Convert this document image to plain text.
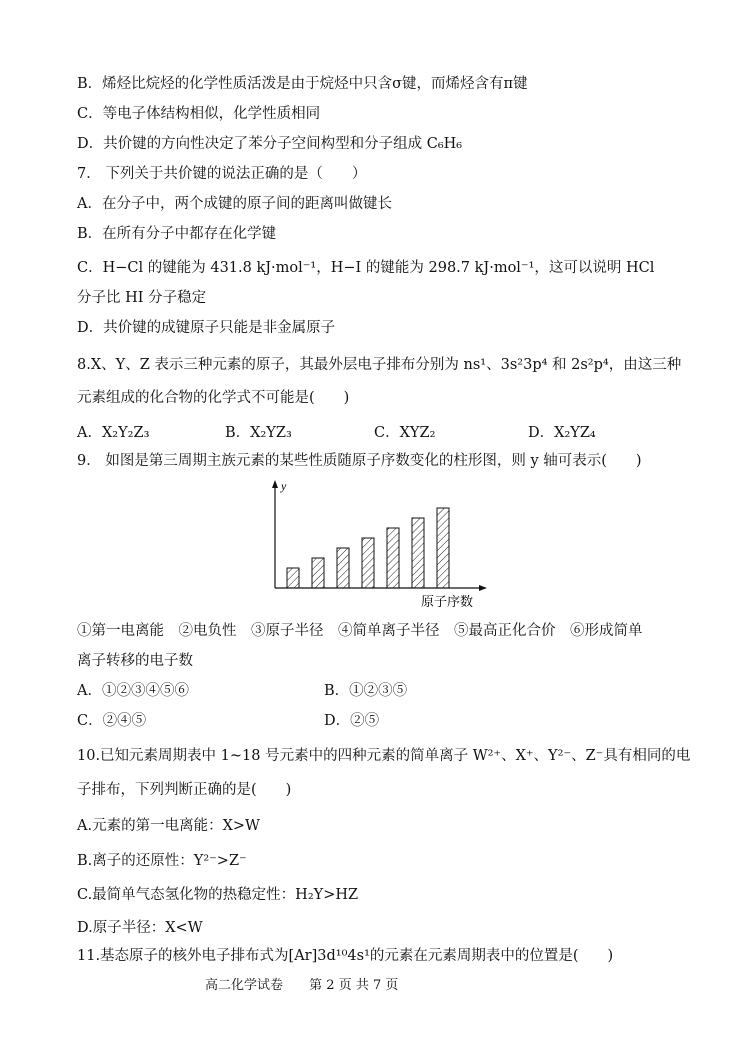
B．烯烃比烷烃的化学性质活泼是由于烷烃中只含σ键，而烯烃含有π键
C．等电子体结构相似，化学性质相同
D．共价键的方向性决定了苯分子空间构型和分子组成 C₆H₆
7． 下列关于共价键的说法正确的是（　　）
A．在分子中，两个成键的原子间的距离叫做键长
B．在所有分子中都存在化学键
C．H−Cl 的键能为 431.8 kJ·mol⁻¹，H−I 的键能为 298.7 kJ·mol⁻¹，这可以说明 HCl
分子比 HI 分子稳定
D．共价键的成键原子只能是非金属原子
8.X、Y、Z 表示三种元素的原子，其最外层电子排布分别为 ns¹、3s²3p⁴ 和 2s²p⁴，由这三种
元素组成的化合物的化学式不可能是(　　)
A．X₂Y₂Z₃	B．X₂YZ₃	C．XYZ₂	D．X₂YZ₄
9． 如图是第三周期主族元素的某些性质随原子序数变化的柱形图，则 y 轴可表示(　　)
y
原子序数
①第一电离能　②电负性　③原子半径　④简单离子半径　⑤最高正化合价　⑥形成简单
离子转移的电子数
A．①②③④⑤⑥	B．①②③⑤
C．②④⑤	D．②⑤
10.已知元素周期表中 1~18 号元素中的四种元素的简单离子 W²⁺、X⁺、Y²⁻、Z⁻具有相同的电
子排布，下列判断正确的是(　　)
A.元素的第一电离能：X>W
B.离子的还原性：Y²⁻>Z⁻
C.最简单气态氢化物的热稳定性：H₂Y>HZ
D.原子半径：X<W
11.基态原子的核外电子排布式为[Ar]3d¹⁰4s¹的元素在元素周期表中的位置是(　　)
高二化学试卷 第 2 页 共 7 页
